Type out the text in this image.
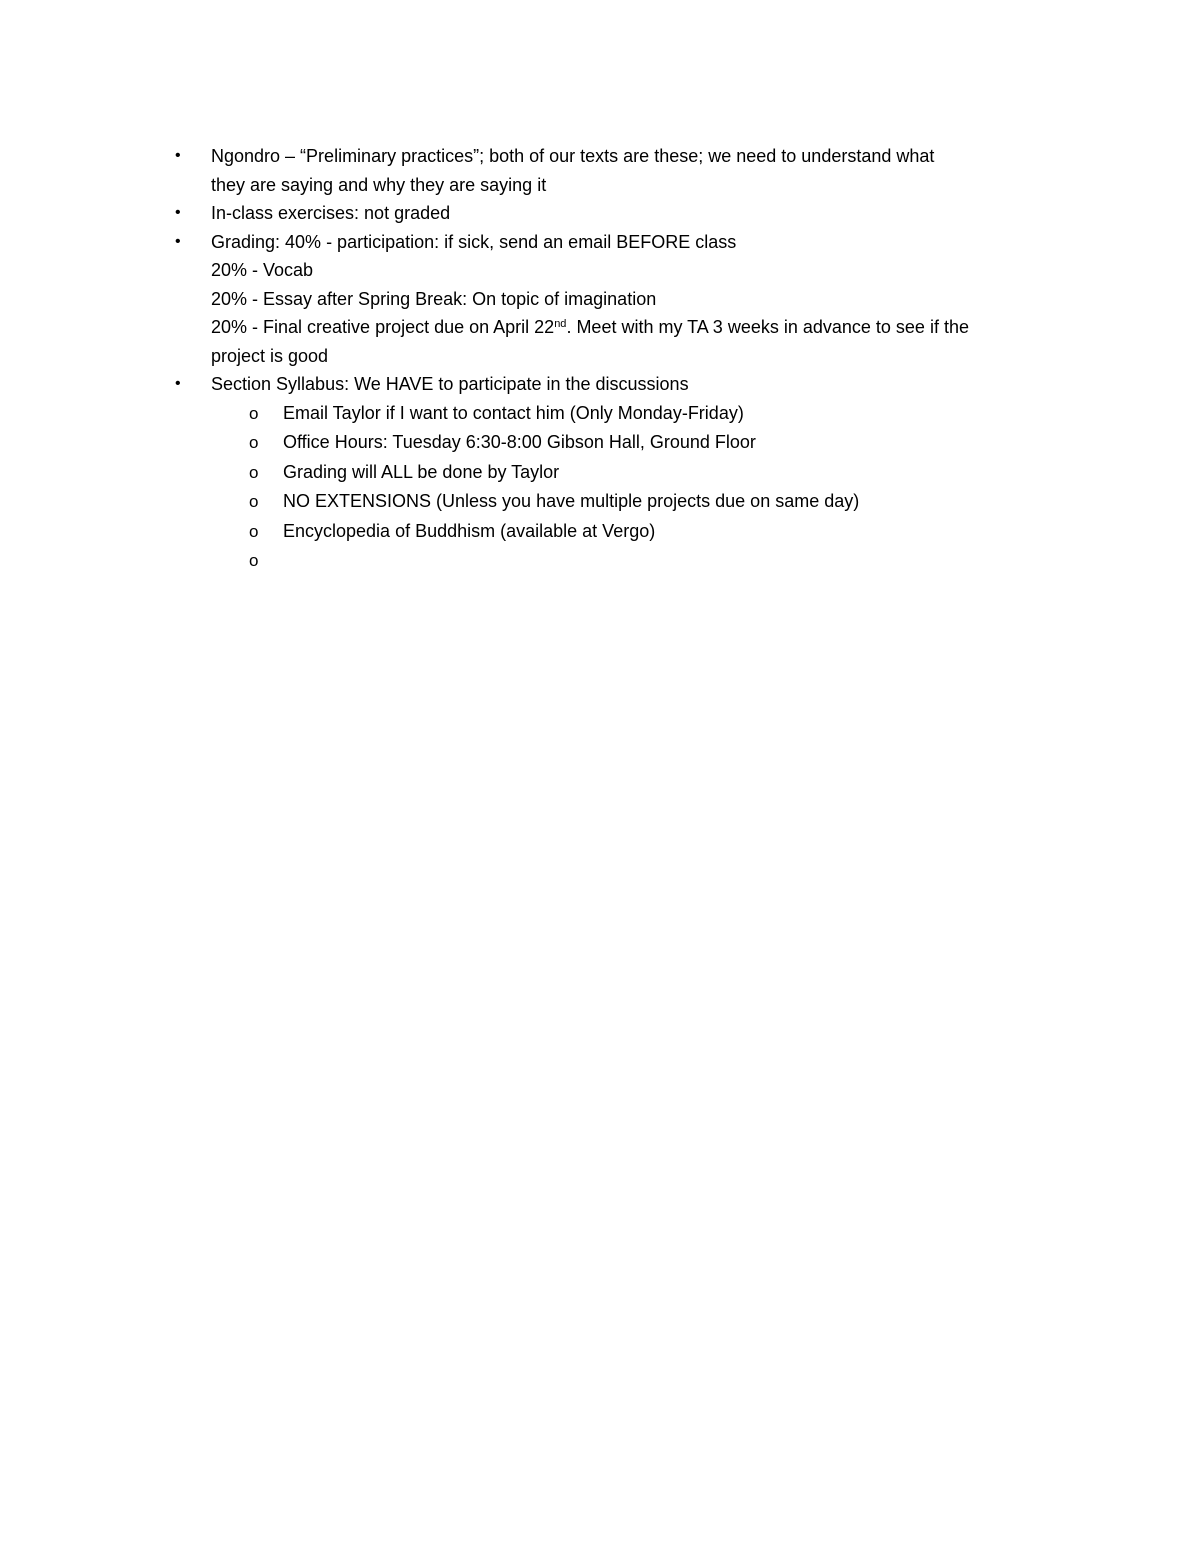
• Ngondro – “Preliminary practices”; both of our texts are these; we need to understand what
they are saying and why they are saying it
• In-class exercises: not graded
• Grading: 40% - participation: if sick, send an email BEFORE class
20% - Vocab
20% - Essay after Spring Break: On topic of imagination
20% - Final creative project due on April 22nd. Meet with my TA 3 weeks in advance to see if the
project is good
• Section Syllabus: We HAVE to participate in the discussions
o Email Taylor if I want to contact him (Only Monday-Friday)
o Office Hours: Tuesday 6:30-8:00 Gibson Hall, Ground Floor
o Grading will ALL be done by Taylor
o NO EXTENSIONS (Unless you have multiple projects due on same day)
o Encyclopedia of Buddhism (available at Vergo)
o
